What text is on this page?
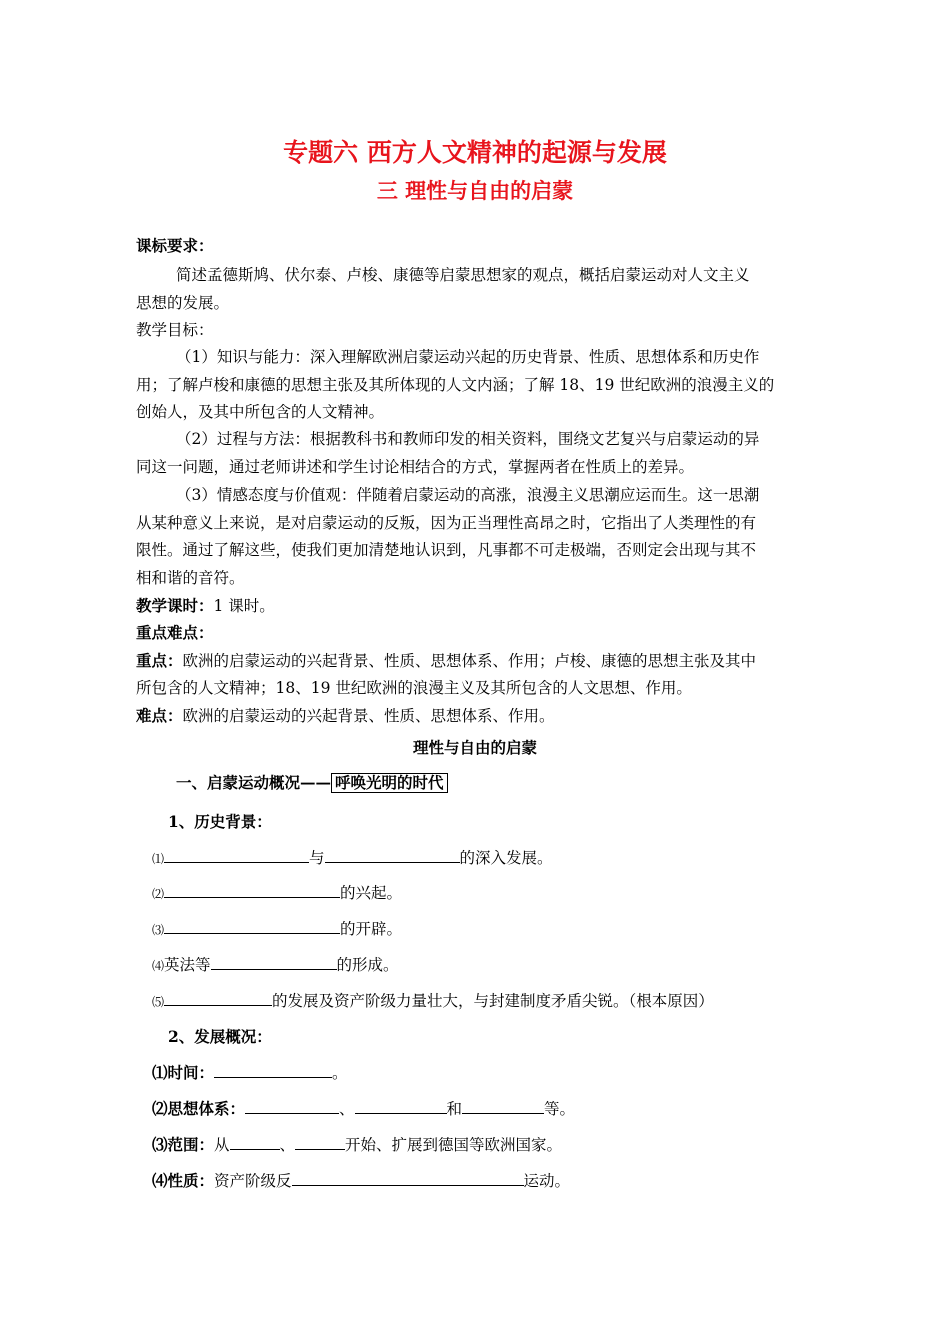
专题六 西方人文精神的起源与发展
三 理性与自由的启蒙
课标要求：
简述孟德斯鸠、伏尔泰、卢梭、康德等启蒙思想家的观点，概括启蒙运动对人文主义
思想的发展。
教学目标：
（1）知识与能力：深入理解欧洲启蒙运动兴起的历史背景、性质、思想体系和历史作
用；了解卢梭和康德的思想主张及其所体现的人文内涵；了解 18、19 世纪欧洲的浪漫主义的
创始人，及其中所包含的人文精神。
（2）过程与方法：根据教科书和教师印发的相关资料，围绕文艺复兴与启蒙运动的异
同这一问题，通过老师讲述和学生讨论相结合的方式，掌握两者在性质上的差异。
（3）情感态度与价值观：伴随着启蒙运动的高涨，浪漫主义思潮应运而生。这一思潮
从某种意义上来说，是对启蒙运动的反叛，因为正当理性高昂之时，它指出了人类理性的有
限性。通过了解这些，使我们更加清楚地认识到，凡事都不可走极端，否则定会出现与其不
相和谐的音符。
教学课时：1 课时。
重点难点：
重点：欧洲的启蒙运动的兴起背景、性质、思想体系、作用；卢梭、康德的思想主张及其中
所包含的人文精神；18、19 世纪欧洲的浪漫主义及其所包含的人文思想、作用。
难点：欧洲的启蒙运动的兴起背景、性质、思想体系、作用。
理性与自由的启蒙
一、启蒙运动概况—— 呼唤光明的时代
1、历史背景：
⑴	与	的深入发展。
⑵	的兴起。
⑶	的开辟。
⑷英法等	的形成。
⑸	的发展及资产阶级力量壮大，与封建制度矛盾尖锐。（根本原因）
2、发展概况：
⑴时间：	。
⑵思想体系：	、	和	等。
⑶范围：从	、	开始、扩展到德国等欧洲国家。
⑷性质：资产阶级反	运动。
